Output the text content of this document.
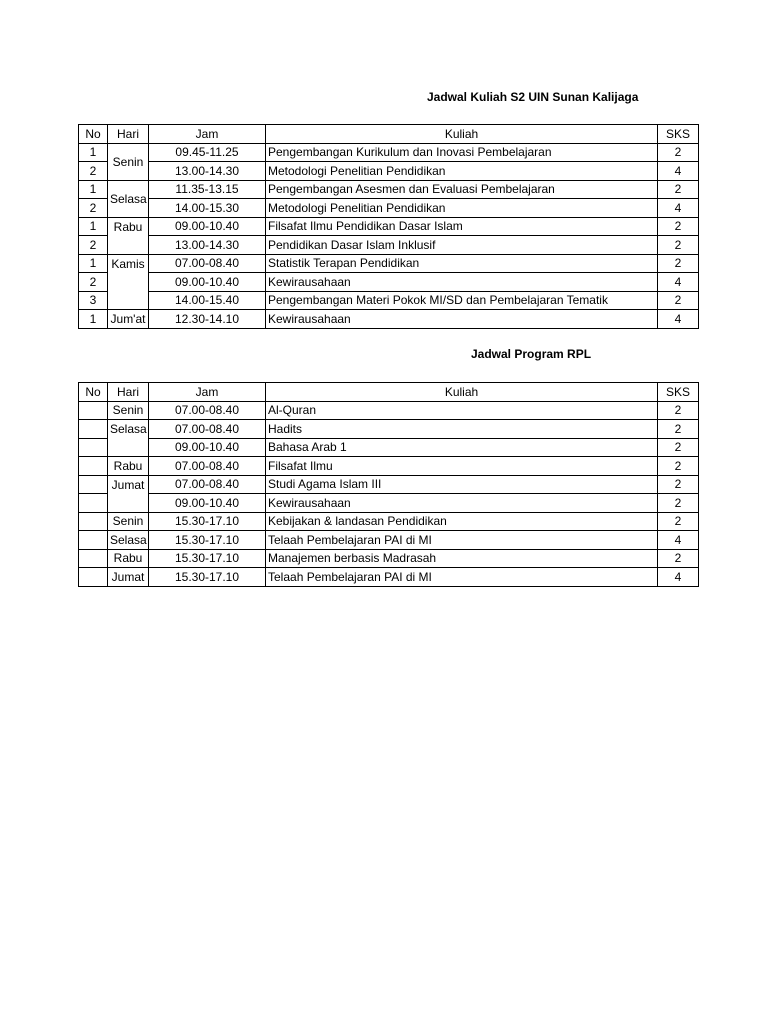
Jadwal Kuliah S2 UIN Sunan Kalijaga
No	Hari	Jam	Kuliah	SKS
1	Senin	09.45-11.25	Pengembangan Kurikulum dan Inovasi Pembelajaran	2
2		13.00-14.30	Metodologi Penelitian Pendidikan	4
1	Selasa	11.35-13.15	Pengembangan Asesmen dan Evaluasi Pembelajaran	2
2		14.00-15.30	Metodologi Penelitian Pendidikan	4
1	Rabu	09.00-10.40	Filsafat Ilmu Pendidikan Dasar Islam	2
2		13.00-14.30	Pendidikan Dasar Islam Inklusif	2
1	Kamis	07.00-08.40	Statistik Terapan Pendidikan	2
2		09.00-10.40	Kewirausahaan	4
3		14.00-15.40	Pengembangan Materi Pokok MI/SD dan Pembelajaran Tematik	2
1	Jum'at	12.30-14.10	Kewirausahaan	4
Jadwal Program RPL
No	Hari	Jam	Kuliah	SKS
	Senin	07.00-08.40	Al-Quran	2
	Selasa	07.00-08.40	Hadits	2
		09.00-10.40	Bahasa Arab 1	2
	Rabu	07.00-08.40	Filsafat Ilmu	2
	Jumat	07.00-08.40	Studi Agama Islam III	2
		09.00-10.40	Kewirausahaan	2
	Senin	15.30-17.10	Kebijakan & landasan Pendidikan	2
	Selasa	15.30-17.10	Telaah Pembelajaran PAI di MI	4
	Rabu	15.30-17.10	Manajemen berbasis Madrasah	2
	Jumat	15.30-17.10	Telaah Pembelajaran PAI di MI	4
